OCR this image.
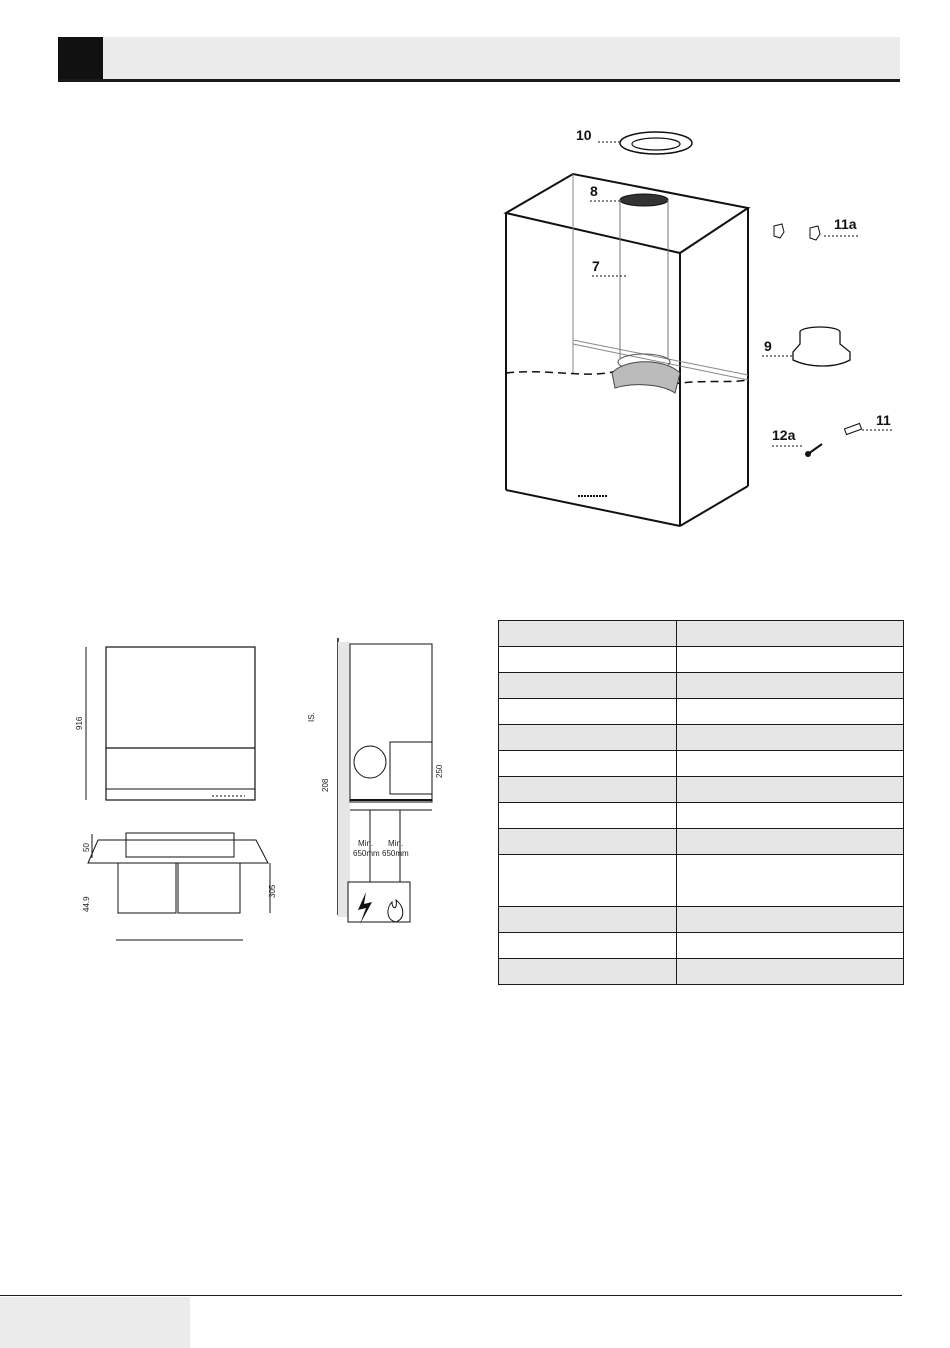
10
8
7
11a
9
11
12a
916
50
44.9
305
Min.
650mm
Min.
650mm
IS.
208
250
